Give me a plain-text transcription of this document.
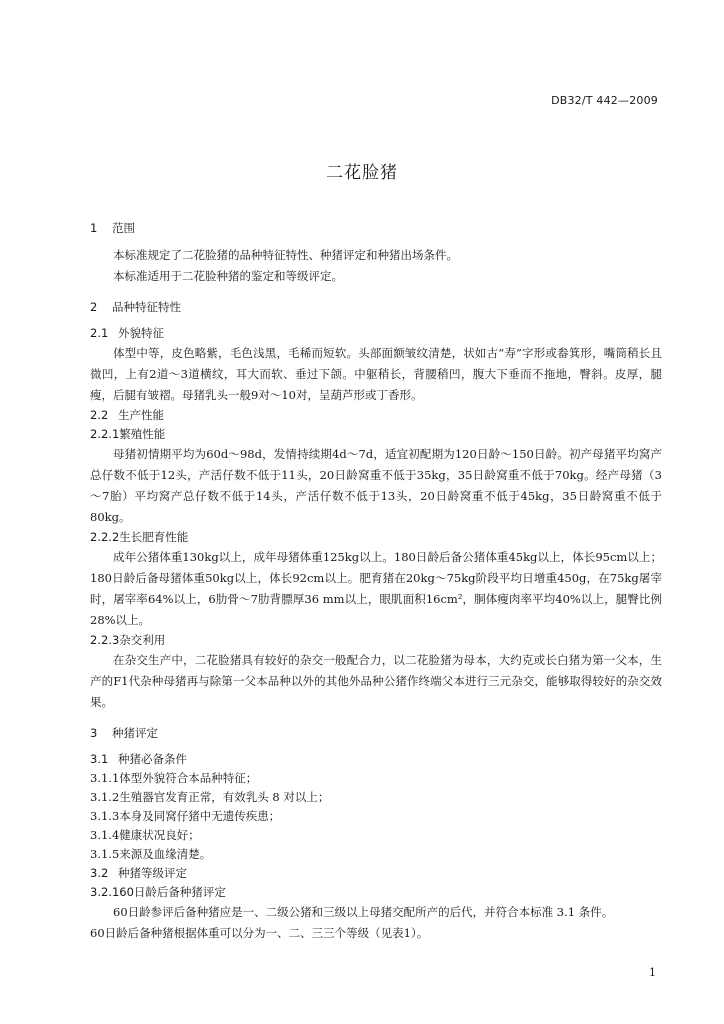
DB32/T 442—2009
二花脸猪
1 范围
本标准规定了二花脸猪的品种特征特性、种猪评定和种猪出场条件。
本标准适用于二花脸种猪的鉴定和等级评定。
2 品种特征特性
2.1 外貌特征
体型中等，皮色略紫，毛色浅黑，毛稀而短软。头部面额皱纹清楚，状如古“寿”字形或畚箕形，嘴筒稍长且微凹，上有2道～3道横纹，耳大而软、垂过下颌。中躯稍长，背腰稍凹，腹大下垂而不拖地，臀斜。皮厚，腿瘦，后腿有皱褶。母猪乳头一般9对～10对，呈葫芦形或丁香形。
2.2 生产性能
2.2.1繁殖性能
母猪初情期平均为60d～98d，发情持续期4d～7d，适宜初配期为120日龄～150日龄。初产母猪平均窝产总仔数不低于12头，产活仔数不低于11头，20日龄窝重不低于35kg，35日龄窝重不低于70kg。经产母猪（3～7胎）平均窝产总仔数不低于14头，产活仔数不低于13头，20日龄窝重不低于45kg，35日龄窝重不低于80kg。
2.2.2生长肥育性能
成年公猪体重130kg以上，成年母猪体重125kg以上。180日龄后备公猪体重45kg以上，体长95cm以上；180日龄后备母猪体重50kg以上，体长92cm以上。肥育猪在20kg～75kg阶段平均日增重450g，在75kg屠宰时，屠宰率64%以上，6肋骨～7肋背膘厚36 mm以上，眼肌面积16cm²，胴体瘦肉率平均40%以上，腿臀比例28%以上。
2.2.3杂交利用
在杂交生产中，二花脸猪具有较好的杂交一般配合力，以二花脸猪为母本，大约克或长白猪为第一父本，生产的F1代杂种母猪再与除第一父本品种以外的其他外品种公猪作终端父本进行三元杂交，能够取得较好的杂交效果。
3 种猪评定
3.1 种猪必备条件
3.1.1体型外貌符合本品种特征；
3.1.2生殖器官发育正常，有效乳头 8 对以上；
3.1.3本身及同窝仔猪中无遗传疾患；
3.1.4健康状况良好；
3.1.5来源及血缘清楚。
3.2 种猪等级评定
3.2.160日龄后备种猪评定
60日龄参评后备种猪应是一、二级公猪和三级以上母猪交配所产的后代，并符合本标准 3.1 条件。
60日龄后备种猪根据体重可以分为一、二、三三个等级（见表1）。
1
